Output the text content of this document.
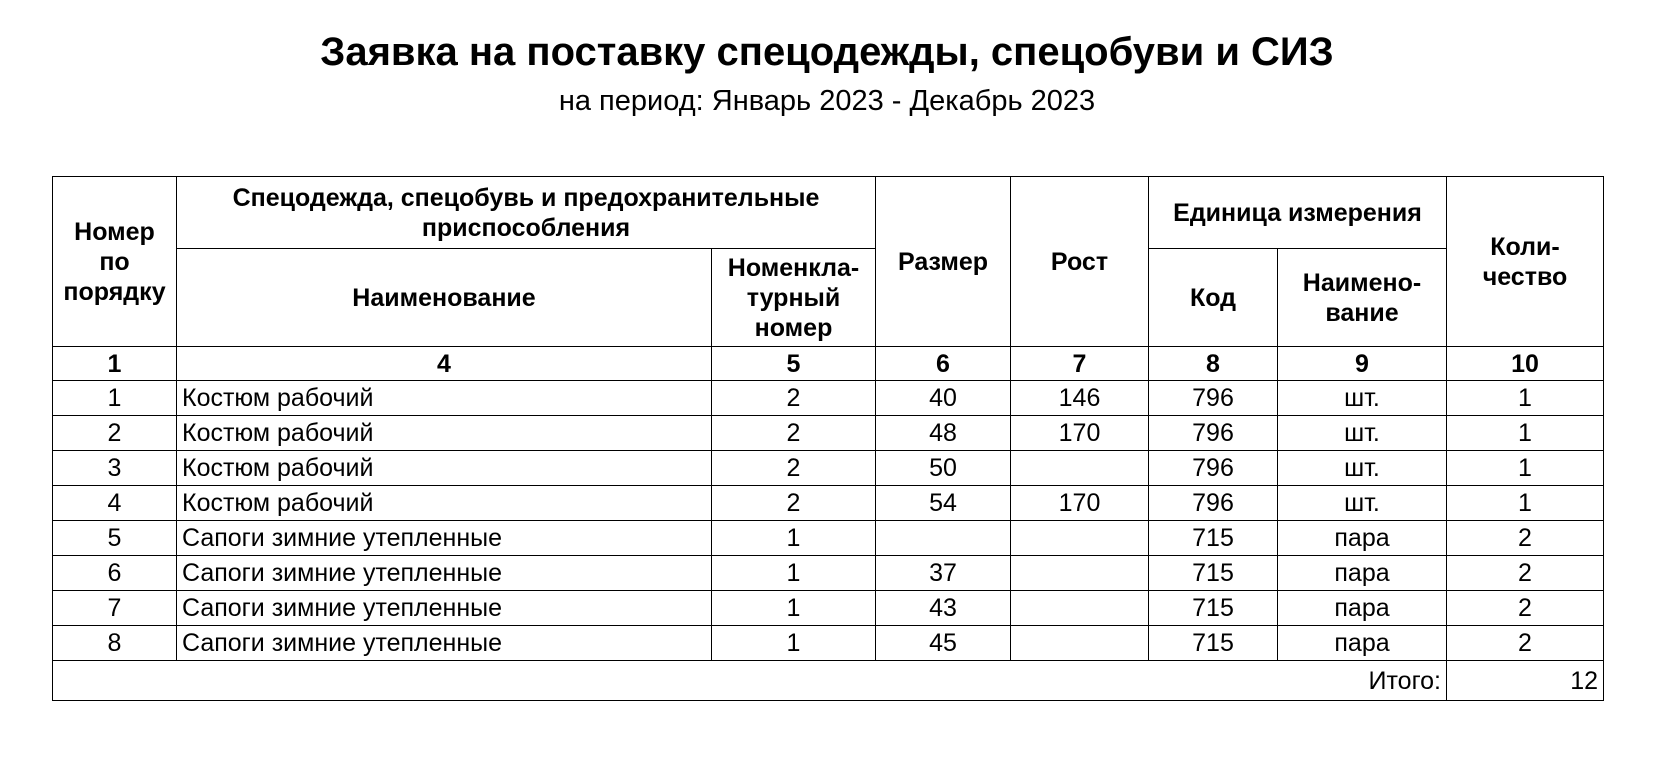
Заявка на поставку спецодежды, спецобуви и СИЗ
на период: Январь 2023 - Декабрь 2023
Номер по порядку	Спецодежда, спецобувь и предохранительные приспособления		Размер	Рост	Единица измерения		Коли-чество
	Наименование	Номенкла-турный номер			Код	Наимено-вание	
1	4	5	6	7	8	9	10
1	Костюм рабочий	2	40	146	796	шт.	1
2	Костюм рабочий	2	48	170	796	шт.	1
3	Костюм рабочий	2	50		796	шт.	1
4	Костюм рабочий	2	54	170	796	шт.	1
5	Сапоги зимние утепленные	1			715	пара	2
6	Сапоги зимние утепленные	1	37		715	пара	2
7	Сапоги зимние утепленные	1	43		715	пара	2
8	Сапоги зимние утепленные	1	45		715	пара	2
Итого:							12
